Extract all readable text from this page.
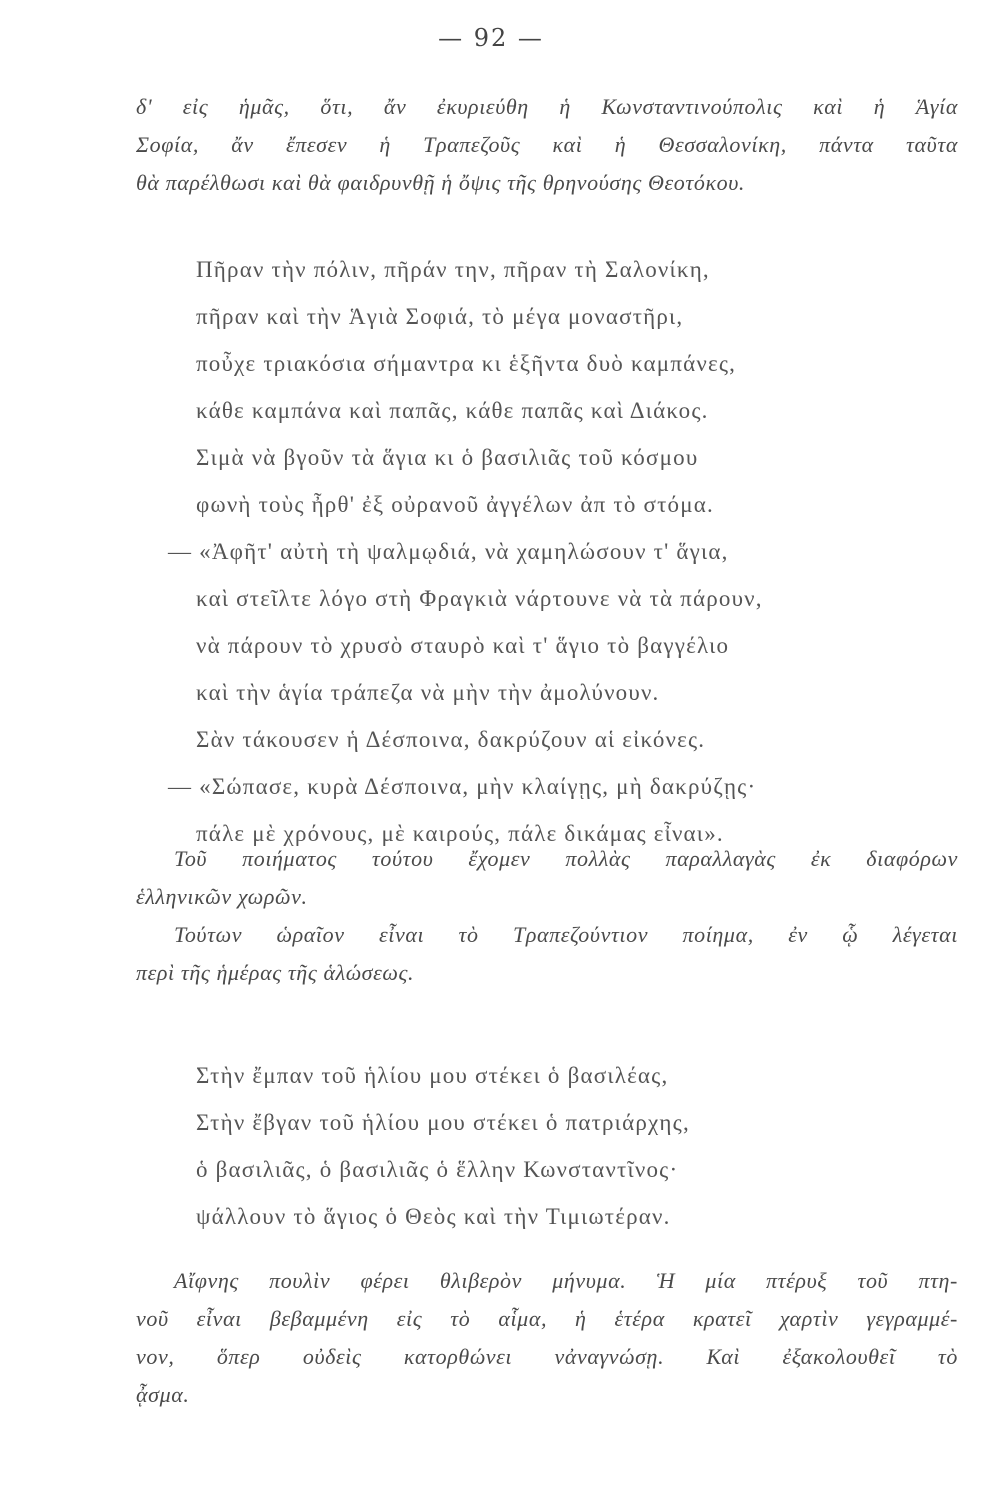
— 92 —
δ' εἰς ἡμᾶς, ὅτι, ἄν ἐκυριεύθη ἡ Κωνσταντινούπολις καὶ ἡ Ἁγία
Σοφία, ἄν ἔπεσεν ἡ Τραπεζοῦς καὶ ἡ Θεσσαλονίκη, πάντα ταῦτα
θὰ παρέλθωσι καὶ θὰ φαιδρυνθῇ ἡ ὄψις τῆς θρηνούσης Θεοτόκου.
Πῆραν τὴν πόλιν, πῆράν την, πῆραν τὴ Σαλονίκη,
πῆραν καὶ τὴν Ἁγιὰ Σοφιά, τὸ μέγα μοναστῆρι,
ποὖχε τριακόσια σήμαντρα κι ἑξῆντα δυὸ καμπάνες,
κάθε καμπάνα καὶ παπᾶς, κάθε παπᾶς καὶ Διάκος.
Σιμὰ νὰ βγοῦν τὰ ἅγια κι ὁ βασιλιᾶς τοῦ κόσμου
φωνὴ τοὺς ἦρθ' ἐξ οὐρανοῦ ἀγγέλων ἀπ τὸ στόμα.
— «Ἀφῆτ' αὐτὴ τὴ ψαλμῳδιά, νὰ χαμηλώσουν τ' ἅγια,
καὶ στεῖλτε λόγο στὴ Φραγκιὰ νάρτουνε νὰ τὰ πάρουν,
νὰ πάρουν τὸ χρυσὸ σταυρὸ καὶ τ' ἅγιο τὸ βαγγέλιο
καὶ τὴν ἁγία τράπεζα νὰ μὴν τὴν ἀμολύνουν.
Σὰν τάκουσεν ἡ Δέσποινα, δακρύζουν αἱ εἰκόνες.
— «Σώπασε, κυρὰ Δέσποινα, μὴν κλαίγῃς, μὴ δακρύζῃς·
πάλε μὲ χρόνους, μὲ καιρούς, πάλε δικάμας εἶναι».
Τοῦ ποιήματος τούτου ἔχομεν πολλὰς παραλλαγὰς ἐκ διαφόρων
ἑλληνικῶν χωρῶν.
Τούτων ὡραῖον εἶναι τὸ Τραπεζούντιον ποίημα, ἐν ᾧ λέγεται
περὶ τῆς ἡμέρας τῆς ἁλώσεως.
Στὴν ἔμπαν τοῦ ἡλίου μου στέκει ὁ βασιλέας,
Στὴν ἔβγαν τοῦ ἡλίου μου στέκει ὁ πατριάρχης,
ὁ βασιλιᾶς, ὁ βασιλιᾶς ὁ ἕλλην Κωνσταντῖνος·
ψάλλουν τὸ ἅγιος ὁ Θεὸς καὶ τὴν Τιμιωτέραν.
Αἴφνης πουλὶν φέρει θλιβερὸν μήνυμα. Ἡ μία πτέρυξ τοῦ πτη-
νοῦ εἶναι βεβαμμένη εἰς τὸ αἷμα, ἡ ἑτέρα κρατεῖ χαρτὶν γεγραμμέ-
νον, ὅπερ οὐδεὶς κατορθώνει νἀναγνώσῃ. Καὶ ἐξακολουθεῖ τὸ
ᾆσμα.
